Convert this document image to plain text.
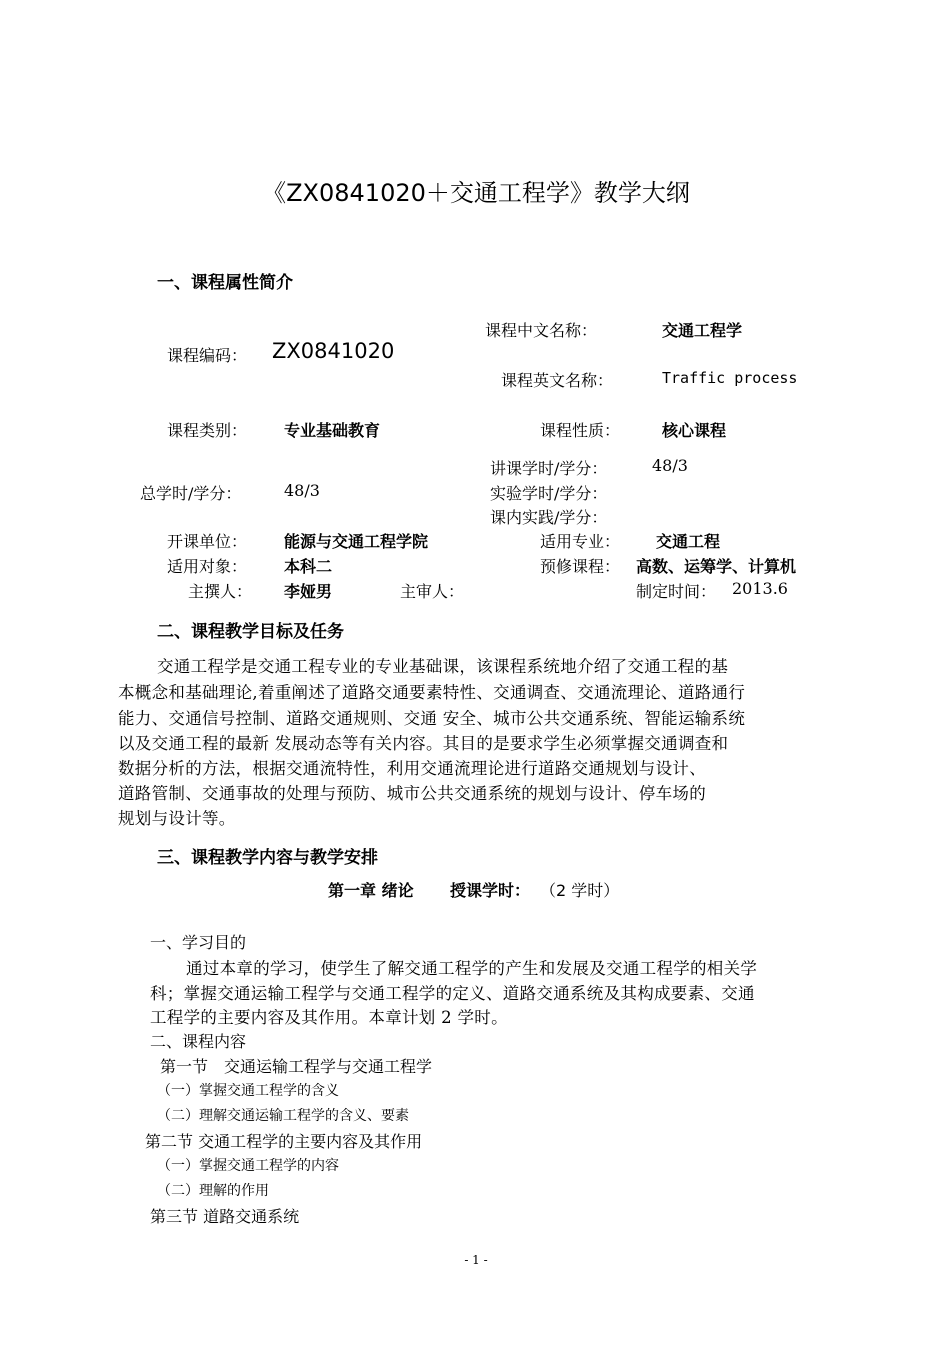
《ZX0841020＋交通工程学》教学大纲
一、课程属性简介
课程中文名称：	交通工程学
课程编码： ZX0841020
课程英文名称：	Traffic process
课程类别： 专业基础教育	课程性质：	核心课程
讲课学时/学分：	48/3
总学时/学分：	48/3	实验学时/学分：
课内实践/学分：
开课单位： 能源与交通工程学院	适用专业： 交通工程
适用对象： 本科二	预修课程： 高数、运筹学、计算机
主撰人： 李娅男	主审人：	制定时间： 2013.6
二、课程教学目标及任务
交通工程学是交通工程专业的专业基础课，该课程系统地介绍了交通工程的基
本概念和基础理论,着重阐述了道路交通要素特性、交通调查、交通流理论、道路通行
能力、交通信号控制、道路交通规则、交通 安全、城市公共交通系统、智能运输系统
以及交通工程的最新 发展动态等有关内容。其目的是要求学生必须掌握交通调查和
数据分析的方法，根据交通流特性，利用交通流理论进行道路交通规划与设计、
道路管制、交通事故的处理与预防、城市公共交通系统的规划与设计、停车场的
规划与设计等。
三、课程教学内容与教学安排
第一章 绪论 授课学时： （2 学时）
一、学习目的
通过本章的学习，使学生了解交通工程学的产生和发展及交通工程学的相关学
科；掌握交通运输工程学与交通工程学的定义、道路交通系统及其构成要素、交通
工程学的主要内容及其作用。本章计划 2 学时。
二、课程内容
第一节　交通运输工程学与交通工程学
（一）掌握交通工程学的含义
（二）理解交通运输工程学的含义、要素
第二节 交通工程学的主要内容及其作用
（一）掌握交通工程学的内容
（二）理解的作用
第三节 道路交通系统
- 1 -
